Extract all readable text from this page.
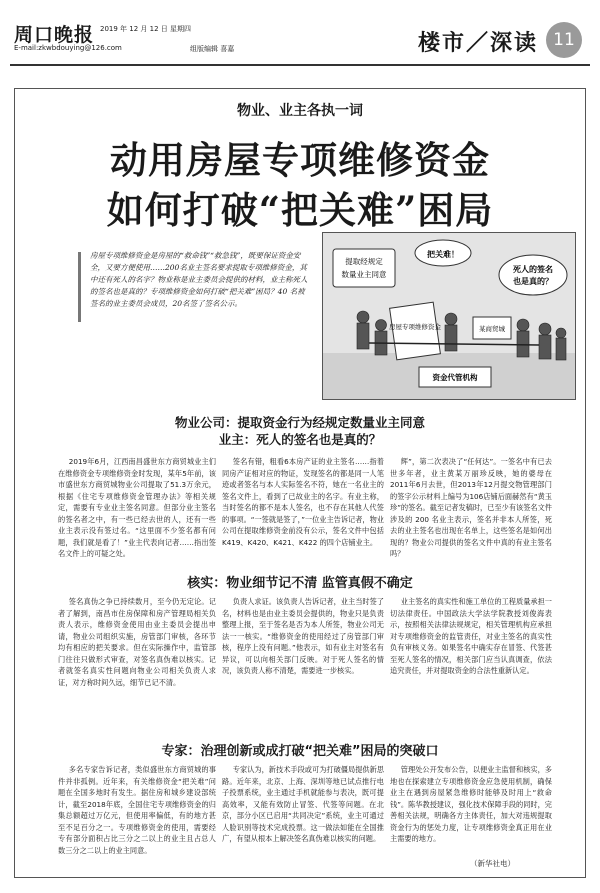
周口晚报 2019 年 12 月 12 日 星期四
E-mail:zkwbdouying@126.com	组版编辑 喜嘉	楼市／深读 11
物业、业主各执一词
动用房屋专项维修资金
如何打破“把关难”困局
房屋专项维修资金是房屋的“救命钱”“救急钱”，既要保证资金安全，又要方便使用……200名业主签名要求提取专项维修资金，其中还有死人的名字？物业称是业主委员会提供的材料，业主称死人的签名也是真的？专项维修资金如何打破“把关难”困局？40 名被签名的业主委员会成员，20名签了签名公示。
提取经规定
数量业主同意
把关难！
死人的签名
也是真的？
房屋专项维修资金	某商贸城
资金代管机构
物业公司：提取资金行为经规定数量业主同意
业主：死人的签名也是真的？
2019年6月，江西南昌盛世东方商贸城业主们在维修资金专项维修资金时发现，某年5年前，该市盛世东方商贸城物业公司提取了51.3万余元，根据《住宅专项维修资金管理办法》等相关规定，需要有专业业主签名同意。但部分业主签名的签名者之中，有一些已经去世的人，还有一些业主表示没有签过名。“这里面不少签名都有问题，我们就是看了！”业主代表向记者……指出签名文件上的可疑之处。
签名有错，粗看6本房产证的业主签名……指着同房产证相对应的物证，发现签名的都是同一人笔迹或者签名与本人实际签名不符，她在一名业主的签名文件上，看到了已故业主的名字。有业主称，当时签名的都不是本人签名，也不存在其他人代签的事项。“一签就是签了，”一位业主告诉记者，物业公司在提取维修资金前没有公示，签名文件中包括 K419、K420、K421、K422 的四个店铺业主。
辉”，第二次表决了“任何达”。一签名中有已去世多年者，业主黄某万丽珍反映，她的婆母在2011年6月去世，但2013年12月提交物管理部门的签字公示材料上编号为106店铺后面赫然有“黄玉珍”的签名。截至记者发稿时，已至少有该签名文件涉及的 200 名业主表示，签名并非本人所签，死去的业主签名也出现在名单上，这些签名是如何出现的？物业公司提供的签名文件中真的有业主签名吗？
核实：物业细节记不清 监管真假不确定
签名真伪之争已持续数月，至今仍无定论。记者了解到，南昌市住房保障和房产管理局相关负责人表示，维修资金使用由业主委员会提出申请，物业公司组织实施，房管部门审核，各环节均有相应的把关要求。但在实际操作中，监管部门往往只做形式审查，对签名真伪难以核实。记者就签名真实性问题向物业公司相关负责人求证，对方称时间久远，细节已记不清。
负责人求证。该负责人告诉记者，业主当时签了名，材料也是由业主委员会提供的，物业只是负责整理上报，至于签名是否为本人所签，物业公司无法一一核实。“维修资金的使用经过了房管部门审核，程序上没有问题。”他表示，如有业主对签名有异议，可以向相关部门反映。对于死人签名的情况，该负责人称不清楚，需要进一步核实。
业主签名的真实性和施工单位的工程质量承担一切法律责任。中国政法大学法学院教授刘俊海表示，按照相关法律法规规定，相关管理机构应承担对专项维修资金的监管责任，对业主签名的真实性负有审核义务。如果签名中确实存在冒签、代签甚至死人签名的情况，相关部门应当认真调查，依法追究责任，并对提取资金的合法性重新认定。
专家：治理创新或成打破“把关难”困局的突破口
多名专家告诉记者，类似盛世东方商贸城的事件并非孤例。近年来，有关维修资金“把关难”问题在全国多地时有发生。据住房和城乡建设部统计，截至2018年底，全国住宅专项维修资金的归集总额超过万亿元，但使用率偏低，有的地方甚至不足百分之一。专项维修资金的使用，需要经专有部分面积占比三分之二以上的业主且占总人数三分之二以上的业主同意。
专家认为，新技术手段或可为打破僵局提供新思路。近年来，北京、上海、深圳等地已试点推行电子投票系统，业主通过手机就能参与表决，既可提高效率，又能有效防止冒签、代签等问题。在北京，部分小区已启用“共同决定”系统，业主可通过人脸识别等技术完成投票。这一做法如能在全国推广，有望从根本上解决签名真伪难以核实的问题。
管理处公开发布公告，以便业主监督和核实，多地也在探索建立专项维修资金应急使用机制，确保业主在遇到房屋紧急维修时能够及时用上“救命钱”。陈华教授建议，强化技术保障手段的同时，完善相关法规，明确各方主体责任，加大对违规提取资金行为的惩处力度，让专项维修资金真正用在业主需要的地方。
（新华社电）
